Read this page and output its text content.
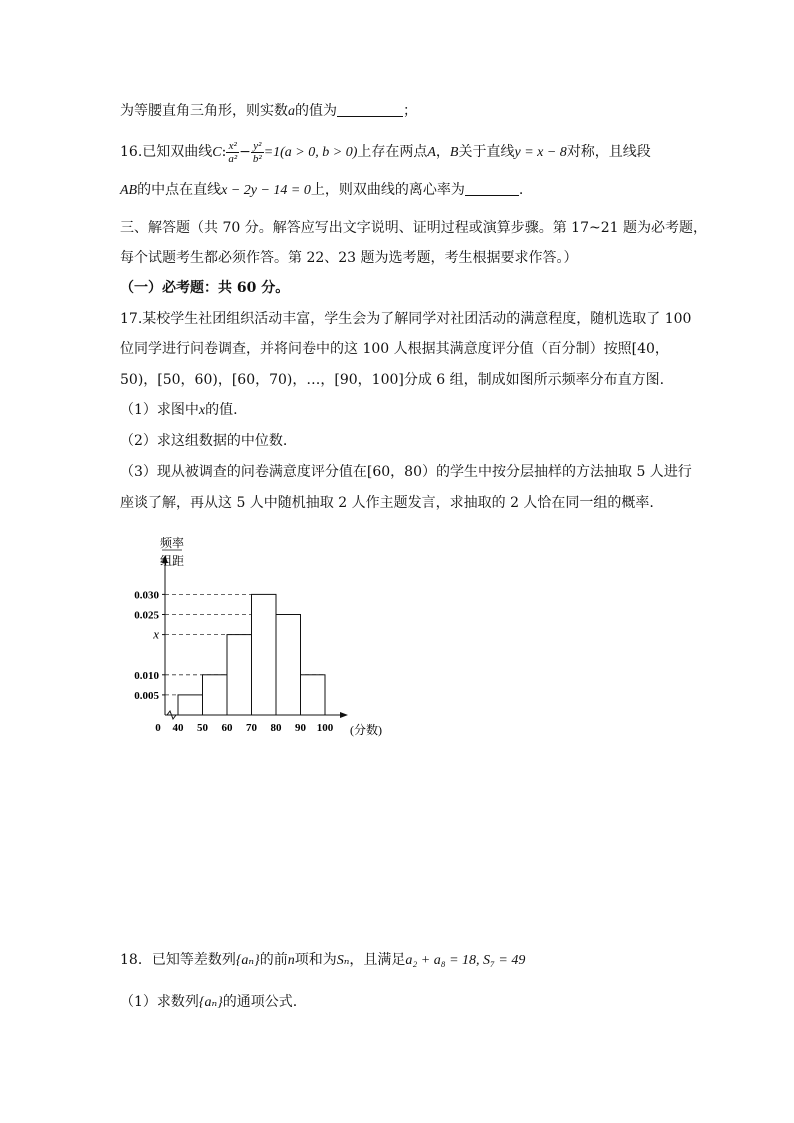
为等腰直角三角形，则实数a的值为	；
16.已知双曲线C: $\frac{\text{x²}}{\text{a²}} - \frac{\text{y²}}{\text{b²}} =1(a > 0$, b > 0)上存在两点A，B关于直线y = x − 8对称，且线段
AB的中点在直线x − 2y − 14 = 0上，则双曲线的离心率为	.
三、解答题（共 70 分。解答应写出文字说明、证明过程或演算步骤。第 17~21 题为必考题，
每个试题考生都必须作答。第 22、23 题为选考题，考生根据要求作答。）
（一）必考题：共 60 分。
17.某校学生社团组织活动丰富，学生会为了解同学对社团活动的满意程度，随机选取了 100
位同学进行问卷调查，并将问卷中的这 100 人根据其满意度评分值（百分制）按照[40，
50)，[50，60)，[60，70)，…，[90，100]分成 6 组，制成如图所示频率分布直方图.
（1）求图中x的值.
（2）求这组数据的中位数.
（3）现从被调查的问卷满意度评分值在[60，80）的学生中按分层抽样的方法抽取 5 人进行
座谈了解，再从这 5 人中随机抽取 2 人作主题发言，求抽取的 2 人恰在同一组的概率.
0.005
0.010
x
0.025
0.030
40 50 60 70 80 90 100
频率
组距
(分数)
0
18．已知等差数列{aₙ}的前n项和为Sₙ，且满足a₂ + a₈ = 18, S₇ = 49
（1）求数列{aₙ}的通项公式.
